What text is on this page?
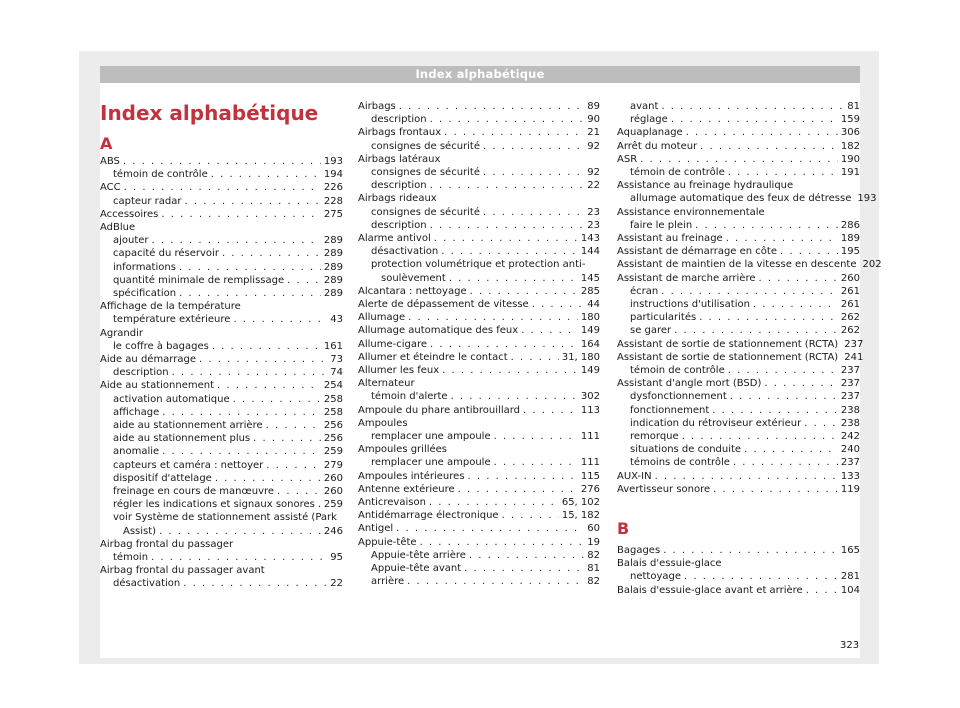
Index alphabétique
Index alphabétique
A
ABS . . .	193
témoin de contrôle . . .	194
ACC . . .	226
capteur radar . . .	228
Accessoires . . .	275
AdBlue
ajouter . . .	289
capacité du réservoir . . .	289
informations . . .	289
quantité minimale de remplissage . . .	289
spécification . . .	289
Affichage de la température
température extérieure . . .	43
Agrandir
le coffre à bagages . . .	161
Aide au démarrage . . .	73
description . . .	74
Aide au stationnement . . .	254
activation automatique . . .	258
affichage . . .	258
aide au stationnement arrière . . .	256
aide au stationnement plus . . .	256
anomalie . . .	259
capteurs et caméra : nettoyer . . .	279
dispositif d'attelage . . .	260
freinage en cours de manœuvre . . .	260
régler les indications et signaux sonores . . . 259
voir Système de stationnement assisté (Park
Assist) . . .	246
Airbag frontal du passager
témoin . . .	95
Airbag frontal du passager avant
désactivation . . .	22
Airbags . . .	89
description . . .	90
Airbags frontaux . . .	21
consignes de sécurité . . .	92
Airbags latéraux
consignes de sécurité . . .	92
description . . .	22
Airbags rideaux
consignes de sécurité . . .	23
description . . .	23
Alarme antivol . . .	143
désactivation . . .	144
protection volumétrique et protection anti-
soulèvement . . .	145
Alcantara : nettoyage . . .	285
Alerte de dépassement de vitesse . . .	44
Allumage . . .	180
Allumage automatique des feux . . .	149
Allume-cigare . . .	164
Allumer et éteindre le contact . . .	31, 180
Allumer les feux . . .	149
Alternateur
témoin d'alerte . . .	302
Ampoule du phare antibrouillard . . .	113
Ampoules
remplacer une ampoule . . .	111
Ampoules grillées
remplacer une ampoule . . .	111
Ampoules intérieures . . .	115
Antenne extérieure . . .	276
Anticrevaison . . .	65, 102
Antidémarrage électronique . . .	15, 182
Antigel . . .	60
Appuie-tête . . .	19
Appuie-tête arrière . . .	82
Appuie-tête avant . . .	81
arrière . . .	82
avant . . .	81
réglage . . .	159
Aquaplanage . . .	306
Arrêt du moteur . . .	182
ASR . . .	190
témoin de contrôle . . .	191
Assistance au freinage hydraulique
allumage automatique des feux de détresse 193
Assistance environnementale
faire le plein . . .	286
Assistant au freinage . . .	189
Assistant de démarrage en côte . . .	195
Assistant de maintien de la vitesse en descente 202
Assistant de marche arrière . . .	260
écran . . .	261
instructions d'utilisation . . .	261
particularités . . .	262
se garer . . .	262
Assistant de sortie de stationnement (RCTA) 237
Assistant de sortie de stationnement (RCTA) 241
témoin de contrôle . . .	237
Assistant d'angle mort (BSD) . . .	237
dysfonctionnement . . .	237
fonctionnement . . .	238
indication du rétroviseur extérieur . . .	238
remorque . . .	242
situations de conduite . . .	240
témoins de contrôle . . .	237
AUX-IN . . .	133
Avertisseur sonore . . .	119
B
Bagages . . .	165
Balais d'essuie-glace
nettoyage . . .	281
Balais d'essuie-glace avant et arrière . . .	104
323
